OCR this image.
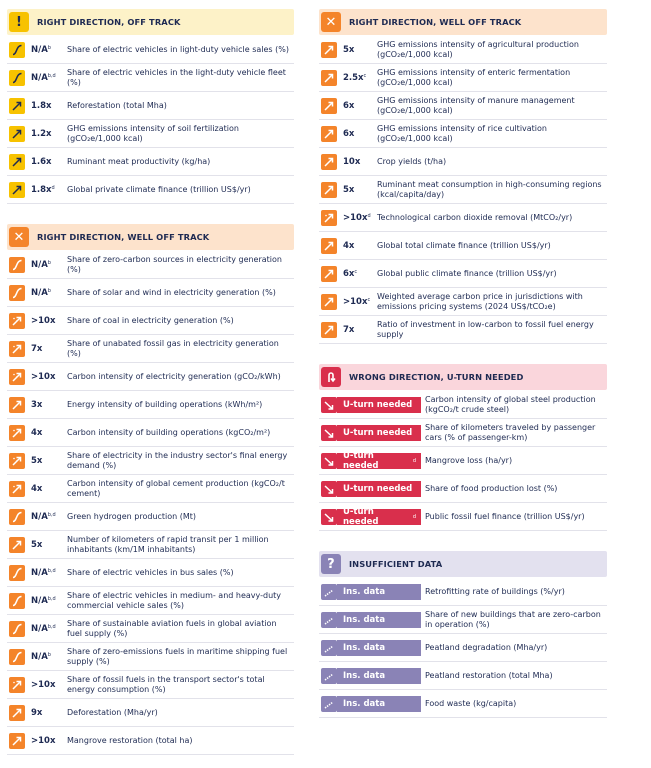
!	RIGHT DIRECTION, OFF TRACK
$N/A^b$	Share of electric vehicles in light-duty vehicle sales (%)
$N/A^{b,d}$	Share of electric vehicles in the light-duty vehicle fleet (%)
1.8x	Reforestation (total Mha)
1.2x	GHG emissions intensity of soil fertilization (gCO₂e/1,000 kcal)
1.6x	Ruminant meat productivity (kg/ha)
$1.8x^d$	Global private climate finance (trillion US$/yr)
✕	RIGHT DIRECTION, WELL OFF TRACK
$N/A^b$	Share of zero-carbon sources in electricity generation (%)
$N/A^b$	Share of solar and wind in electricity generation (%)
>10x	Share of coal in electricity generation (%)
7x	Share of unabated fossil gas in electricity generation (%)
>10x	Carbon intensity of electricity generation (gCO₂/kWh)
3x	Energy intensity of building operations (kWh/m²)
4x	Carbon intensity of building operations (kgCO₂/m²)
5x	Share of electricity in the industry sector's final energy demand (%)
4x	Carbon intensity of global cement production (kgCO₂/t cement)
$N/A^{b,d}$	Green hydrogen production (Mt)
5x	Number of kilometers of rapid transit per 1 million inhabitants (km/1M inhabitants)
$N/A^{b,d}$	Share of electric vehicles in bus sales (%)
$N/A^{b,d}$	Share of electric vehicles in medium- and heavy-duty commercial vehicle sales (%)
$N/A^{b,d}$	Share of sustainable aviation fuels in global aviation fuel supply (%)
$N/A^b$	Share of zero-emissions fuels in maritime shipping fuel supply (%)
>10x	Share of fossil fuels in the transport sector's total energy consumption (%)
9x	Deforestation (Mha/yr)
>10x	Mangrove restoration (total ha)
✕	RIGHT DIRECTION, WELL OFF TRACK
5x	GHG emissions intensity of agricultural production (gCO₂e/1,000 kcal)
$2.5x^c$	GHG emissions intensity of enteric fermentation (gCO₂e/1,000 kcal)
6x	GHG emissions intensity of manure management (gCO₂e/1,000 kcal)
6x	GHG emissions intensity of rice cultivation (gCO₂e/1,000 kcal)
10x	Crop yields (t/ha)
5x	Ruminant meat consumption in high-consuming regions (kcal/capita/day)
$>10x^d$ Technological carbon dioxide removal (MtCO₂/yr)
4x	Global total climate finance (trillion US$/yr)
$6x^c$	Global public climate finance (trillion US$/yr)
$>10x^c$ Weighted average carbon price in jurisdictions with emissions pricing systems (2024 US$/tCO₂e)
7x	Ratio of investment in low-carbon to fossil fuel energy supply
WRONG DIRECTION, U-TURN NEEDED
U-turn needed Carbon intensity of global steel production (kgCO₂/t crude steel)
U-turn needed Share of kilometers traveled by passenger cars (% of passenger-km)
U-turn needed	d Mangrove loss (ha/yr)
U-turn needed Share of food production lost (%)
U-turn needed	d Public fossil fuel finance (trillion US$/yr)
?	INSUFFICIENT DATA
Ins. data	Retrofitting rate of buildings (%/yr)
Ins. data	Share of new buildings that are zero-carbon in operation (%)
Ins. data	Peatland degradation (Mha/yr)
Ins. data	Peatland restoration (total Mha)
Ins. data	Food waste (kg/capita)
